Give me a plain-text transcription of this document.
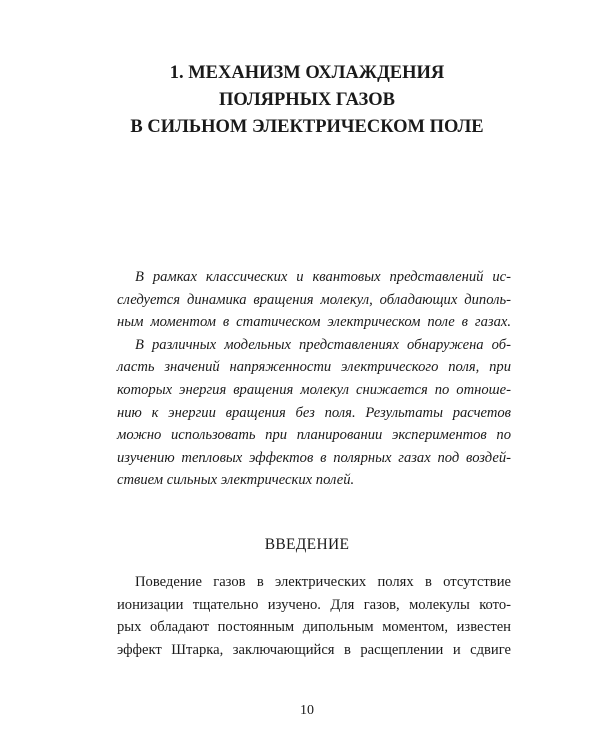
1. МЕХАНИЗМ ОХЛАЖДЕНИЯ
ПОЛЯРНЫХ ГАЗОВ
В СИЛЬНОМ ЭЛЕКТРИЧЕСКОМ ПОЛЕ
В рамках классических и квантовых представлений ис-
следуется динамика вращения молекул, обладающих диполь-
ным моментом в статическом электрическом поле в газах.
В различных модельных представлениях обнаружена об-
ласть значений напряженности электрического поля, при
которых энергия вращения молекул снижается по отноше-
нию к энергии вращения без поля. Результаты расчетов
можно использовать при планировании экспериментов по
изучению тепловых эффектов в полярных газах под воздей-
ствием сильных электрических полей.
ВВЕДЕНИЕ
Поведение газов в электрических полях в отсутствие
ионизации тщательно изучено. Для газов, молекулы кото-
рых обладают постоянным дипольным моментом, известен
эффект Штарка, заключающийся в расщеплении и сдвиге
10
